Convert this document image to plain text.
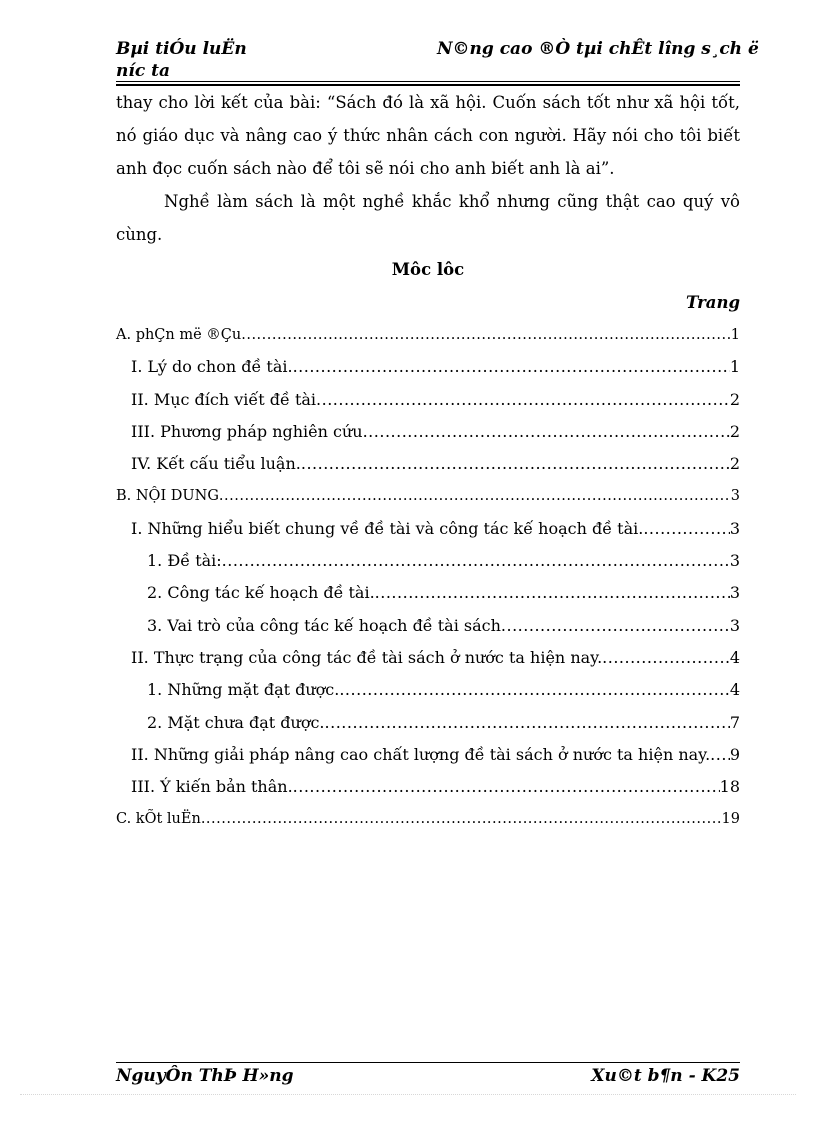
Bµi tiÓu luËn
níc ta
N©ng cao ®Ò tµi chÊt lîng s¸ch ë

thay cho lời kết của bài: “Sách đó là xã hội. Cuốn sách tốt như xã hội tốt, nó giáo dục và nâng cao ý thức nhân cách con người. Hãy nói cho tôi biết anh đọc cuốn sách nào để tôi sẽ nói cho anh biết anh là ai”.

Nghề làm sách là một nghề khắc khổ nhưng cũng thật cao quý vô cùng.

Môc lôc
Trang
A. phÇn më ®Çu .....	1
I. Lý do chon đề tài. .....	1
II. Mục đích viết đề tài .....	2
III. Phương pháp nghiên cứu .....	2
IV. Kết cấu tiểu luận. .....	2
B. NỘI DUNG .....	3
I. Những hiểu biết chung về đề tài và công tác kế hoạch đề tài. .....	3
1. Đề tài: .....	3
2. Công tác kế hoạch đề tài. .....	3
3. Vai trò của công tác kế hoạch đề tài sách .....	3
II. Thực trạng của công tác đề tài sách ở nước ta hiện nay. .....	4
1. Những mặt đạt được. .....	4
2. Mặt chưa đạt được. .....	7
II. Những giải pháp nâng cao chất lượng đề tài sách ở nước ta hiện nay. ..... 9
III. Ý kiến bản thân. .....	18
C. kÕt luËn .....	19
NguyÔn ThÞ H»ng	Xu©t b¶n - K25
